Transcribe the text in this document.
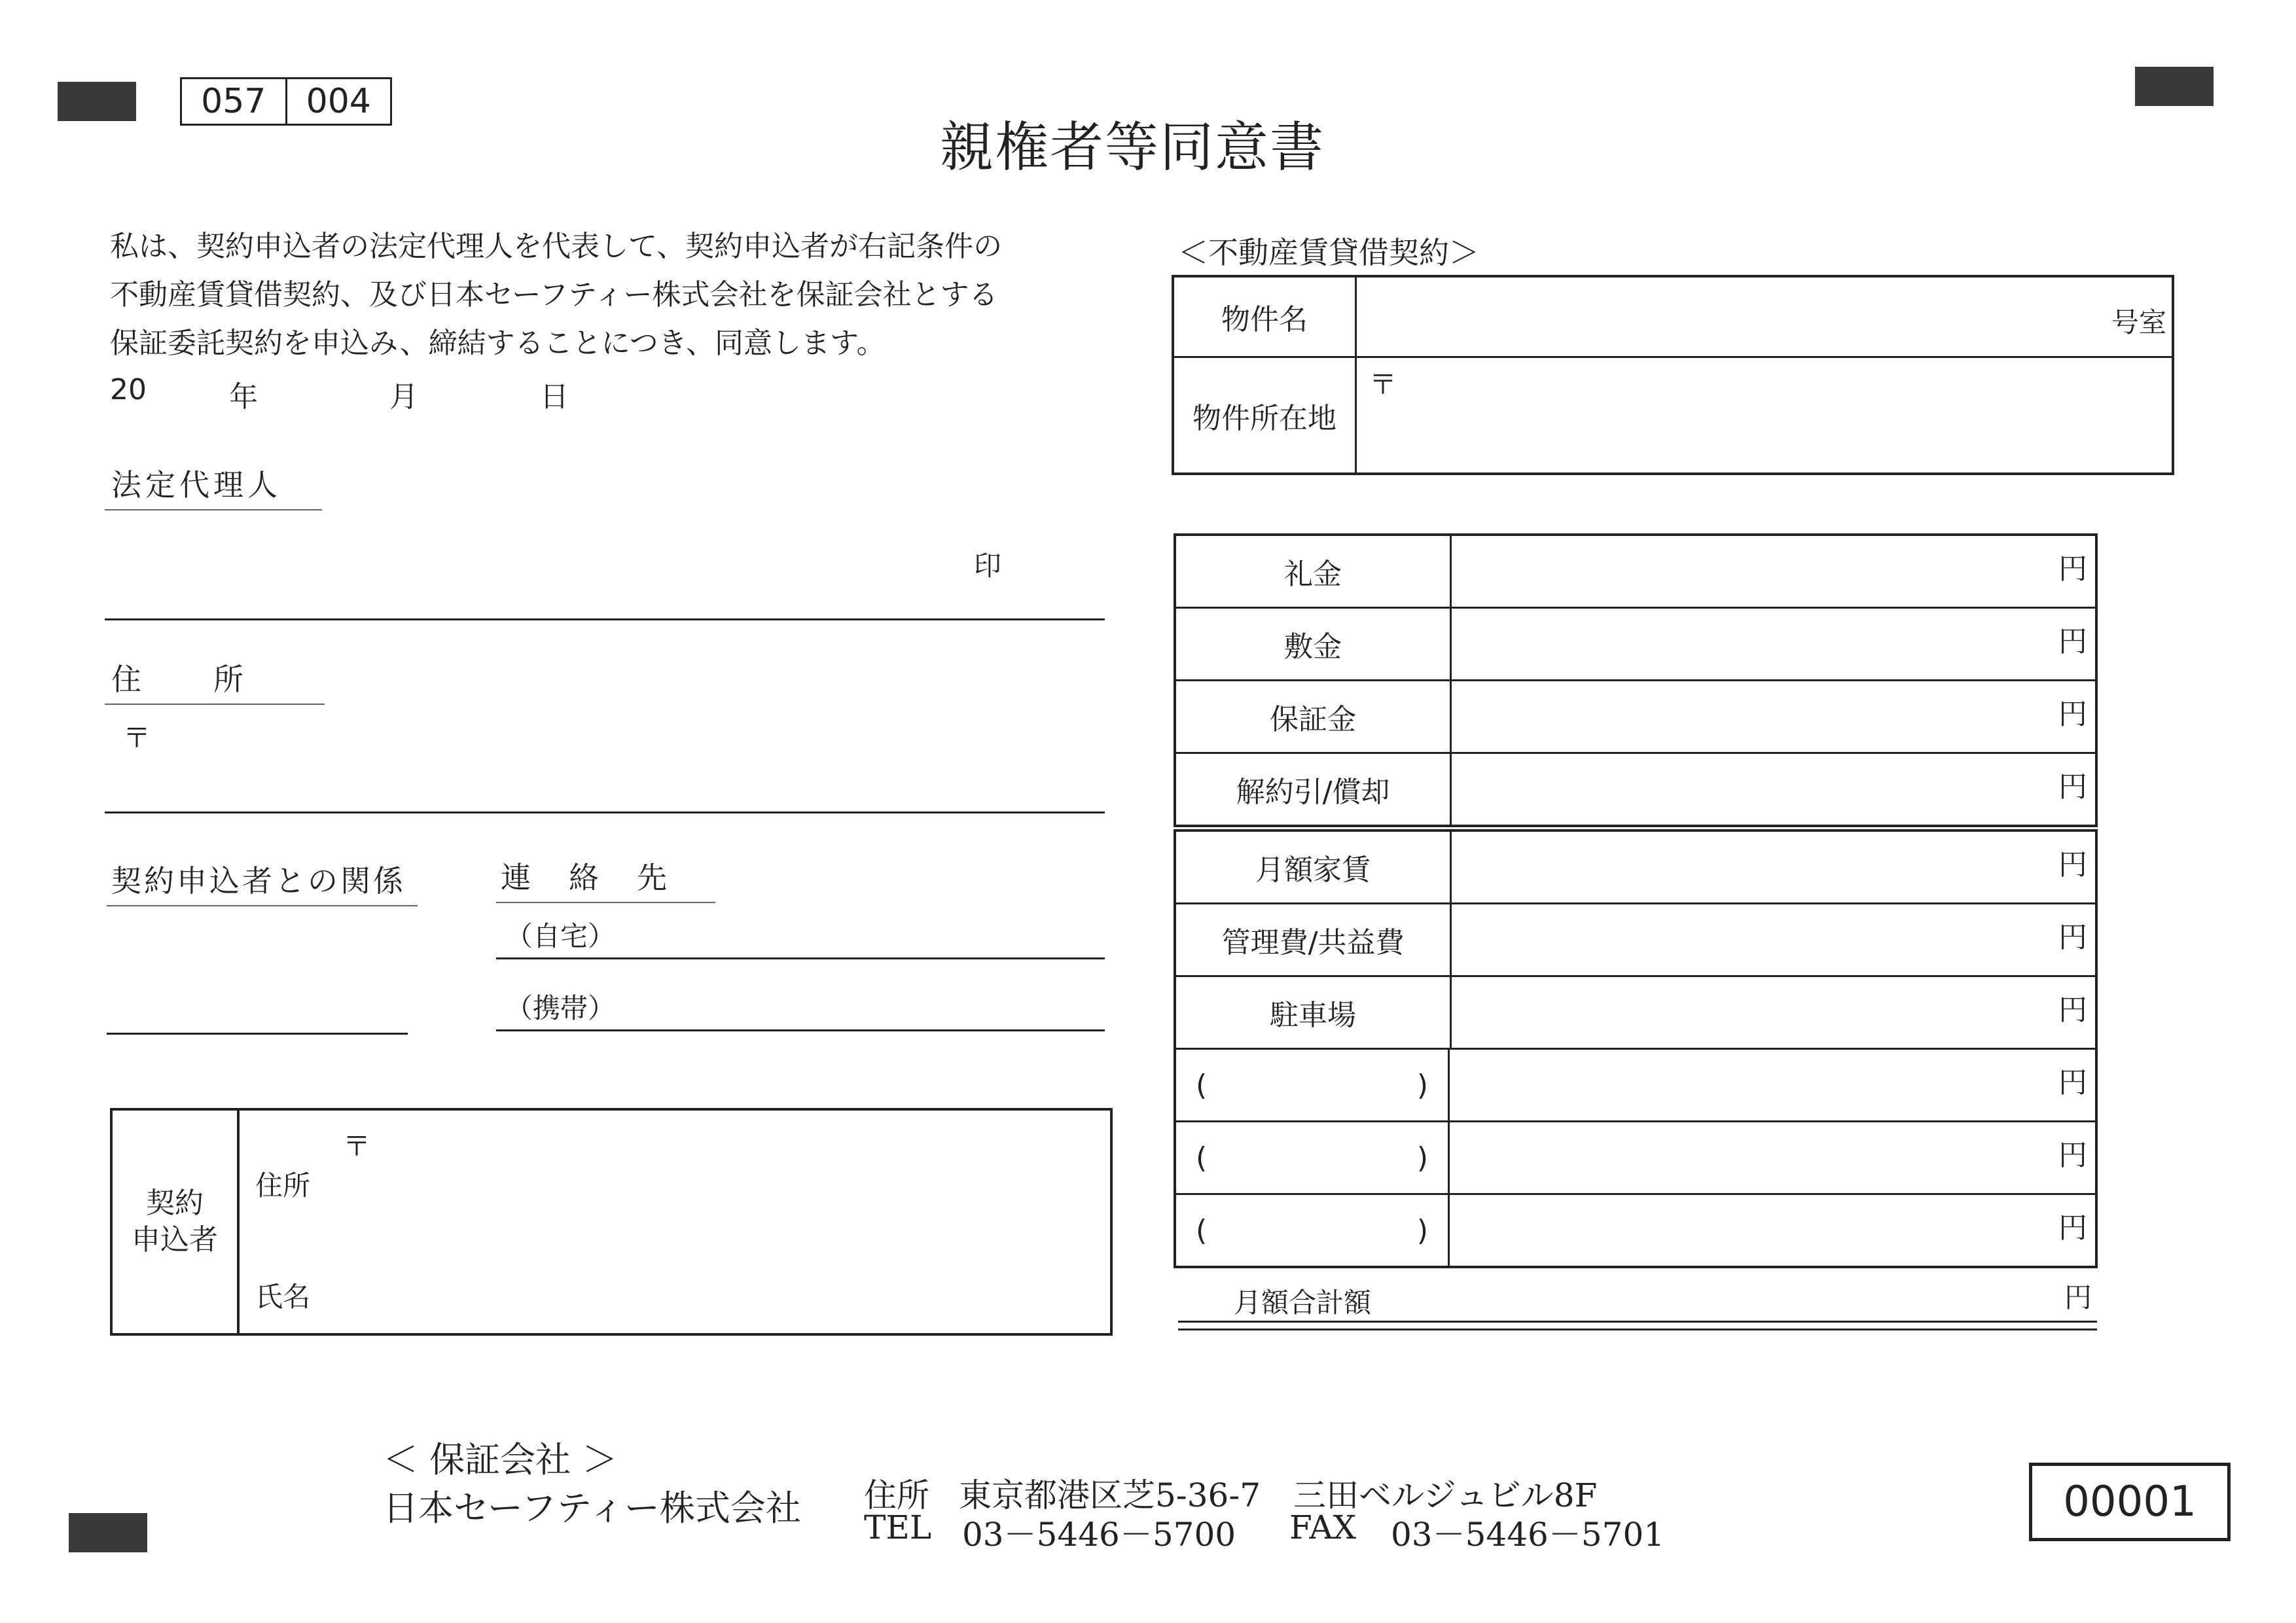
057	004
親権者等同意書
私は、契約申込者の法定代理人を代表して、契約申込者が右記条件の
不動産賃貸借契約、及び日本セーフティー株式会社を保証会社とする
保証委託契約を申込み、締結することにつき、同意します。
20	年	月	日
法定代理人
印
住　　所
〒
契約申込者との関係	連　絡　先
（自宅）
（携帯）
契約
申込者
〒
住所
氏名
＜不動産賃貸借契約＞
物件名	号室
物件所在地
〒
礼金	円
敷金	円
保証金	円
解約引/償却	円
月額家賃	円
管理費/共益費	円
駐車場	円
(	)	円
(	)	円
(	)	円
月額合計額	円
＜ 保証会社 ＞
日本セーフティー株式会社 住所 東京都港区芝5-36-7　三田ベルジュビル8F
TEL 03－5446－5700 FAX 03－5446－5701
00001
